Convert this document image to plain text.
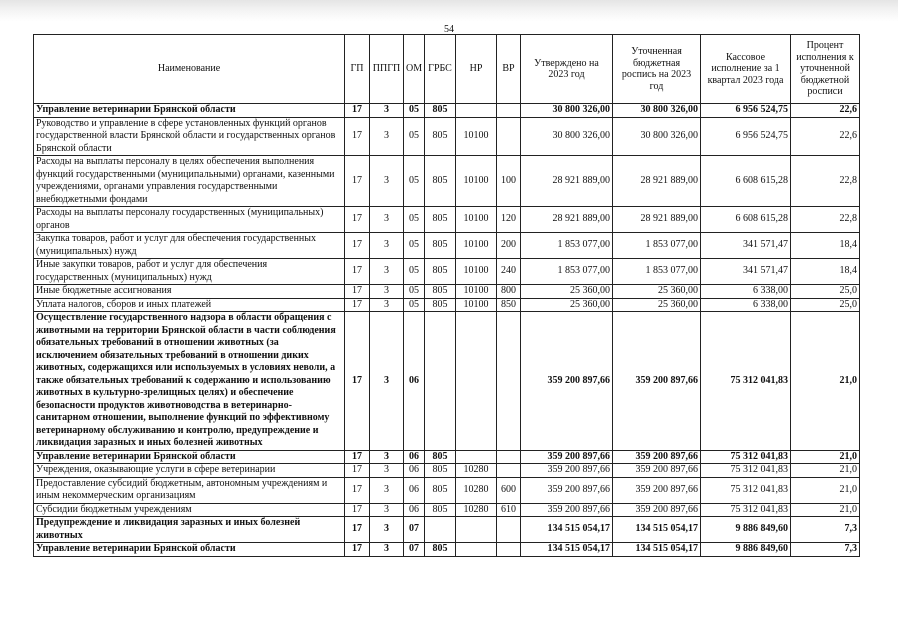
54
Наименование	ГП	ППГП	ОМ	ГРБС	НР	ВР	Утверждено на 2023 год	Уточненная бюджетная роспись на 2023 год	Кассовое исполнение за 1 квартал 2023 года	Процент исполнения к уточненной бюджетной росписи
Управление ветеринарии Брянской области	17	3	05	805			30 800 326,00	30 800 326,00	6 956 524,75	22,6
Руководство и управление в сфере установленных функций органов государственной власти Брянской области и государственных органов Брянской области	17	3	05	805	10100		30 800 326,00	30 800 326,00	6 956 524,75	22,6
Расходы на выплаты персоналу в целях обеспечения выполнения функций государственными (муниципальными) органами, казенными учреждениями, органами управления государственными внебюджетными фондами	17	3	05	805	10100	100	28 921 889,00	28 921 889,00	6 608 615,28	22,8
Расходы на выплаты персоналу государственных (муниципальных) органов	17	3	05	805	10100	120	28 921 889,00	28 921 889,00	6 608 615,28	22,8
Закупка товаров, работ и услуг для обеспечения государственных (муниципальных) нужд	17	3	05	805	10100	200	1 853 077,00	1 853 077,00	341 571,47	18,4
Иные закупки товаров, работ и услуг для обеспечения государственных (муниципальных) нужд	17	3	05	805	10100	240	1 853 077,00	1 853 077,00	341 571,47	18,4
Иные бюджетные ассигнования	17	3	05	805	10100	800	25 360,00	25 360,00	6 338,00	25,0
Уплата налогов, сборов и иных платежей	17	3	05	805	10100	850	25 360,00	25 360,00	6 338,00	25,0
Осуществление государственного надзора в области обращения с животными на территории Брянской области в части соблюдения обязательных требований в отношении животных (за исключением обязательных требований в отношении диких животных, содержащихся или используемых в условиях неволи, а также обязательных требований к содержанию и использованию животных в культурно-зрелищных целях) и обеспечение безопасности продуктов животноводства в ветеринарно-санитарном отношении, выполнение функций по эффективному ветеринарному обслуживанию и контролю, предупреждение и ликвидация заразных и иных болезней животных	17	3	06				359 200 897,66	359 200 897,66	75 312 041,83	21,0
Управление ветеринарии Брянской области	17	3	06	805			359 200 897,66	359 200 897,66	75 312 041,83	21,0
Учреждения, оказывающие услуги в сфере ветеринарии	17	3	06	805	10280		359 200 897,66	359 200 897,66	75 312 041,83	21,0
Предоставление субсидий бюджетным, автономным учреждениям и иным некоммерческим организациям	17	3	06	805	10280	600	359 200 897,66	359 200 897,66	75 312 041,83	21,0
Субсидии бюджетным учреждениям	17	3	06	805	10280	610	359 200 897,66	359 200 897,66	75 312 041,83	21,0
Предупреждение и ликвидация заразных и иных болезней животных	17	3	07				134 515 054,17	134 515 054,17	9 886 849,60	7,3
Управление ветеринарии Брянской области	17	3	07	805			134 515 054,17	134 515 054,17	9 886 849,60	7,3
